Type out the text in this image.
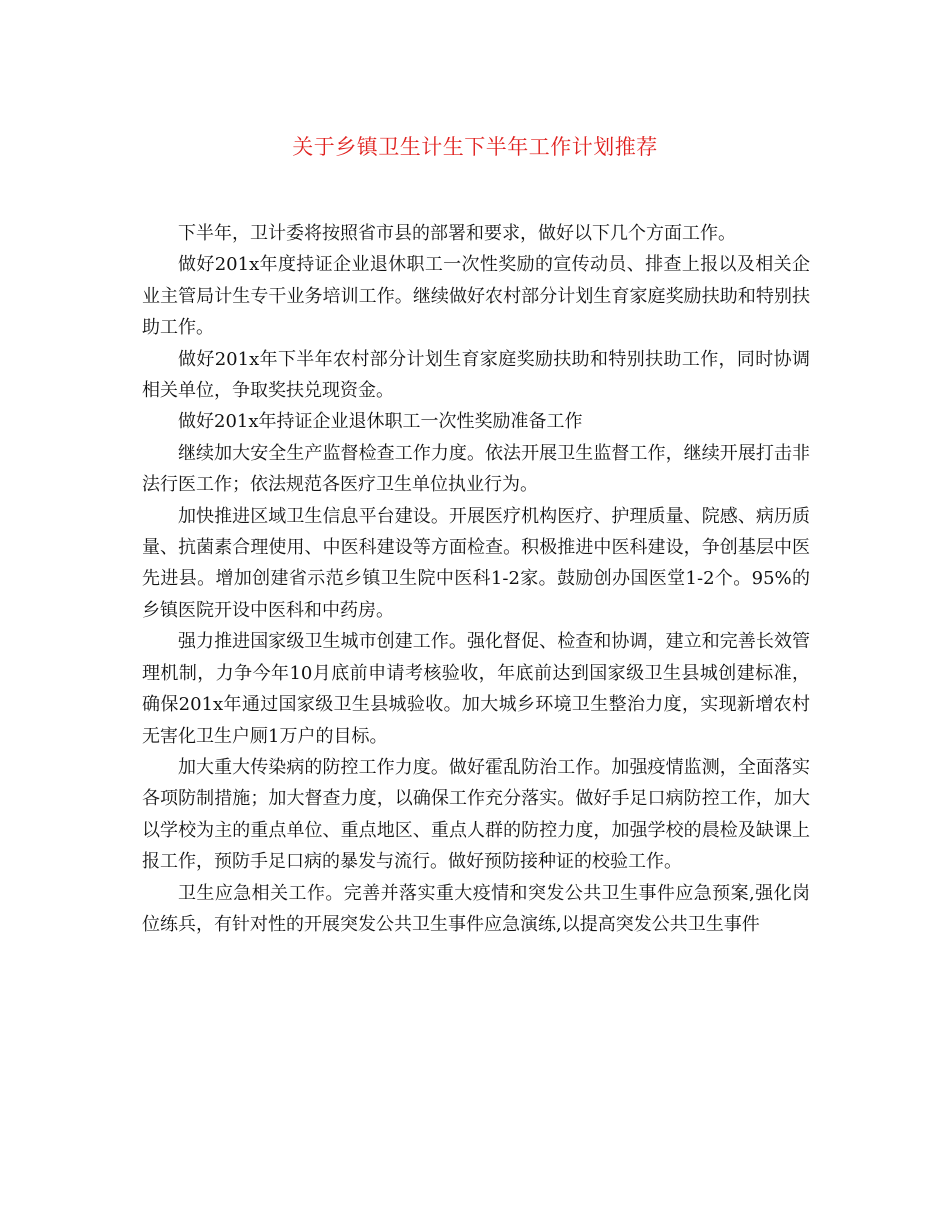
关于乡镇卫生计生下半年工作计划推荐

下半年，卫计委将按照省市县的部署和要求，做好以下几个方面工作。

做好201x年度持证企业退休职工一次性奖励的宣传动员、排查上报以及相关企业主管局计生专干业务培训工作。继续做好农村部分计划生育家庭奖励扶助和特别扶助工作。

做好201x年下半年农村部分计划生育家庭奖励扶助和特别扶助工作，同时协调相关单位，争取奖扶兑现资金。

做好201x年持证企业退休职工一次性奖励准备工作

继续加大安全生产监督检查工作力度。依法开展卫生监督工作，继续开展打击非法行医工作；依法规范各医疗卫生单位执业行为。

加快推进区域卫生信息平台建设。开展医疗机构医疗、护理质量、院感、病历质量、抗菌素合理使用、中医科建设等方面检查。积极推进中医科建设，争创基层中医先进县。增加创建省示范乡镇卫生院中医科1-2家。鼓励创办国医堂1-2个。95%的乡镇医院开设中医科和中药房。

强力推进国家级卫生城市创建工作。强化督促、检查和协调，建立和完善长效管理机制，力争今年10月底前申请考核验收，年底前达到国家级卫生县城创建标准，确保201x年通过国家级卫生县城验收。加大城乡环境卫生整治力度，实现新增农村无害化卫生户厕1万户的目标。

加大重大传染病的防控工作力度。做好霍乱防治工作。加强疫情监测，全面落实各项防制措施；加大督查力度，以确保工作充分落实。做好手足口病防控工作，加大以学校为主的重点单位、重点地区、重点人群的防控力度，加强学校的晨检及缺课上报工作，预防手足口病的暴发与流行。做好预防接种证的校验工作。

卫生应急相关工作。完善并落实重大疫情和突发公共卫生事件应急预案,强化岗位练兵，有针对性的开展突发公共卫生事件应急演练,以提高突发公共卫生事件
